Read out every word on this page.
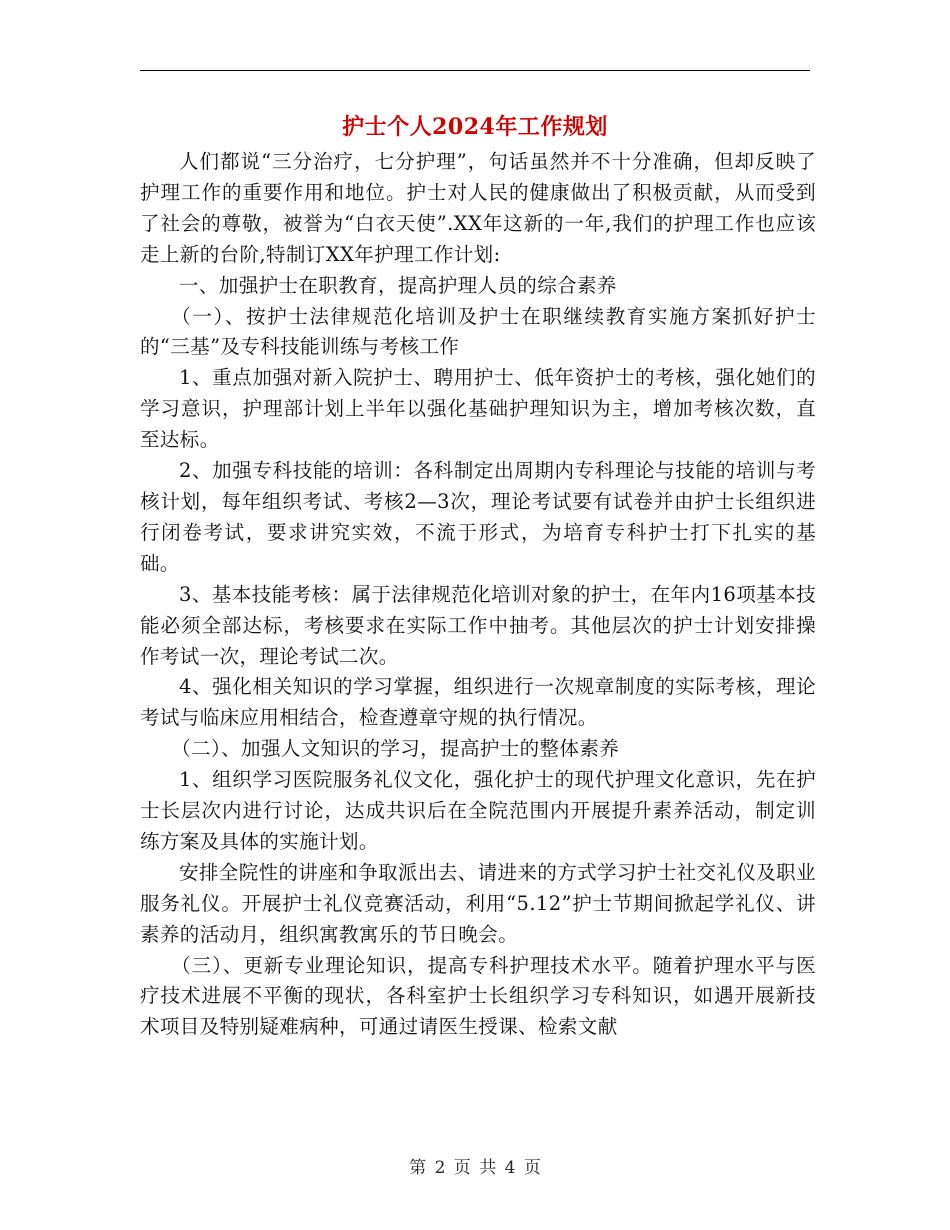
护士个人2024年工作规划

人们都说“三分治疗，七分护理”，句话虽然并不十分准确，但却反映了护理工作的重要作用和地位。护士对人民的健康做出了积极贡献，从而受到了社会的尊敬，被誉为“白衣天使”.XX年这新的一年,我们的护理工作也应该走上新的台阶,特制订XX年护理工作计划:

一、加强护士在职教育，提高护理人员的综合素养

（一）、按护士法律规范化培训及护士在职继续教育实施方案抓好护士的“三基”及专科技能训练与考核工作

1、重点加强对新入院护士、聘用护士、低年资护士的考核，强化她们的学习意识，护理部计划上半年以强化基础护理知识为主，增加考核次数，直至达标。

2、加强专科技能的培训：各科制定出周期内专科理论与技能的培训与考核计划，每年组织考试、考核2—3次，理论考试要有试卷并由护士长组织进行闭卷考试，要求讲究实效，不流于形式，为培育专科护士打下扎实的基础。

3、基本技能考核：属于法律规范化培训对象的护士，在年内16项基本技能必须全部达标，考核要求在实际工作中抽考。其他层次的护士计划安排操作考试一次，理论考试二次。

4、强化相关知识的学习掌握，组织进行一次规章制度的实际考核，理论考试与临床应用相结合，检查遵章守规的执行情况。

（二）、加强人文知识的学习，提高护士的整体素养

1、组织学习医院服务礼仪文化，强化护士的现代护理文化意识，先在护士长层次内进行讨论，达成共识后在全院范围内开展提升素养活动，制定训练方案及具体的实施计划。

安排全院性的讲座和争取派出去、请进来的方式学习护士社交礼仪及职业服务礼仪。开展护士礼仪竞赛活动，利用“5.12”护士节期间掀起学礼仪、讲素养的活动月，组织寓教寓乐的节日晚会。

（三）、更新专业理论知识，提高专科护理技术水平。随着护理水平与医疗技术进展不平衡的现状，各科室护士长组织学习专科知识，如遇开展新技术项目及特别疑难病种，可通过请医生授课、检索文献

第 2 页 共 4 页
